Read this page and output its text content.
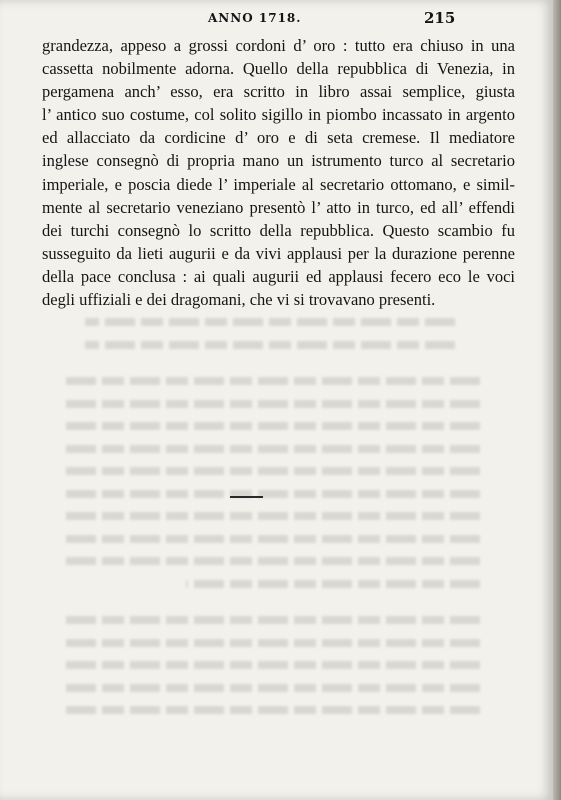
ANNO 1718.	215
grandezza, appeso a grossi cordoni d’ oro : tutto era chiuso in una
cassetta nobilmente adorna. Quello della repubblica di Venezia, in
pergamena anch’ esso, era scritto in libro assai semplice, giusta
l’ antico suo costume, col solito sigillo in piombo incassato in argento
ed allacciato da cordicine d’ oro e di seta cremese. Il mediatore
inglese consegnò di propria mano un istrumento turco al secretario
imperiale, e poscia diede l’ imperiale al secretario ottomano, e simil-
mente al secretario veneziano presentò l’ atto in turco, ed all’ effendi
dei turchi consegnò lo scritto della repubblica. Questo scambio fu
susseguito da lieti augurii e da vivi applausi per la durazione perenne
della pace conclusa : ai quali augurii ed applausi fecero eco le voci
degli uffiziali e dei dragomani, che vi si trovavano presenti.
